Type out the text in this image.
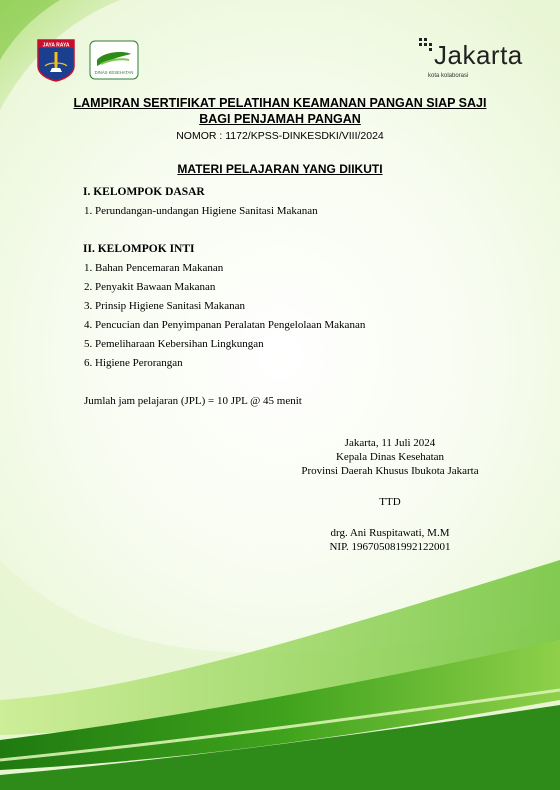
JAYA RAYA
DINAS KESEHATAN
Jakarta
kota kolaborasi
LAMPIRAN SERTIFIKAT PELATIHAN KEAMANAN PANGAN SIAP SAJI
BAGI PENJAMAH PANGAN
NOMOR : 1172/KPSS-DINKESDKI/VIII/2024
MATERI PELAJARAN YANG DIIKUTI
I. KELOMPOK DASAR
1. Perundangan-undangan Higiene Sanitasi Makanan
II. KELOMPOK INTI
1. Bahan Pencemaran Makanan
2. Penyakit Bawaan Makanan
3. Prinsip Higiene Sanitasi Makanan
4. Pencucian dan Penyimpanan Peralatan Pengelolaan Makanan
5. Pemeliharaan Kebersihan Lingkungan
6. Higiene Perorangan
Jumlah jam pelajaran (JPL) = 10 JPL @ 45 menit
Jakarta, 11 Juli 2024
Kepala Dinas Kesehatan
Provinsi Daerah Khusus Ibukota Jakarta
TTD
drg. Ani Ruspitawati, M.M
NIP. 196705081992122001
